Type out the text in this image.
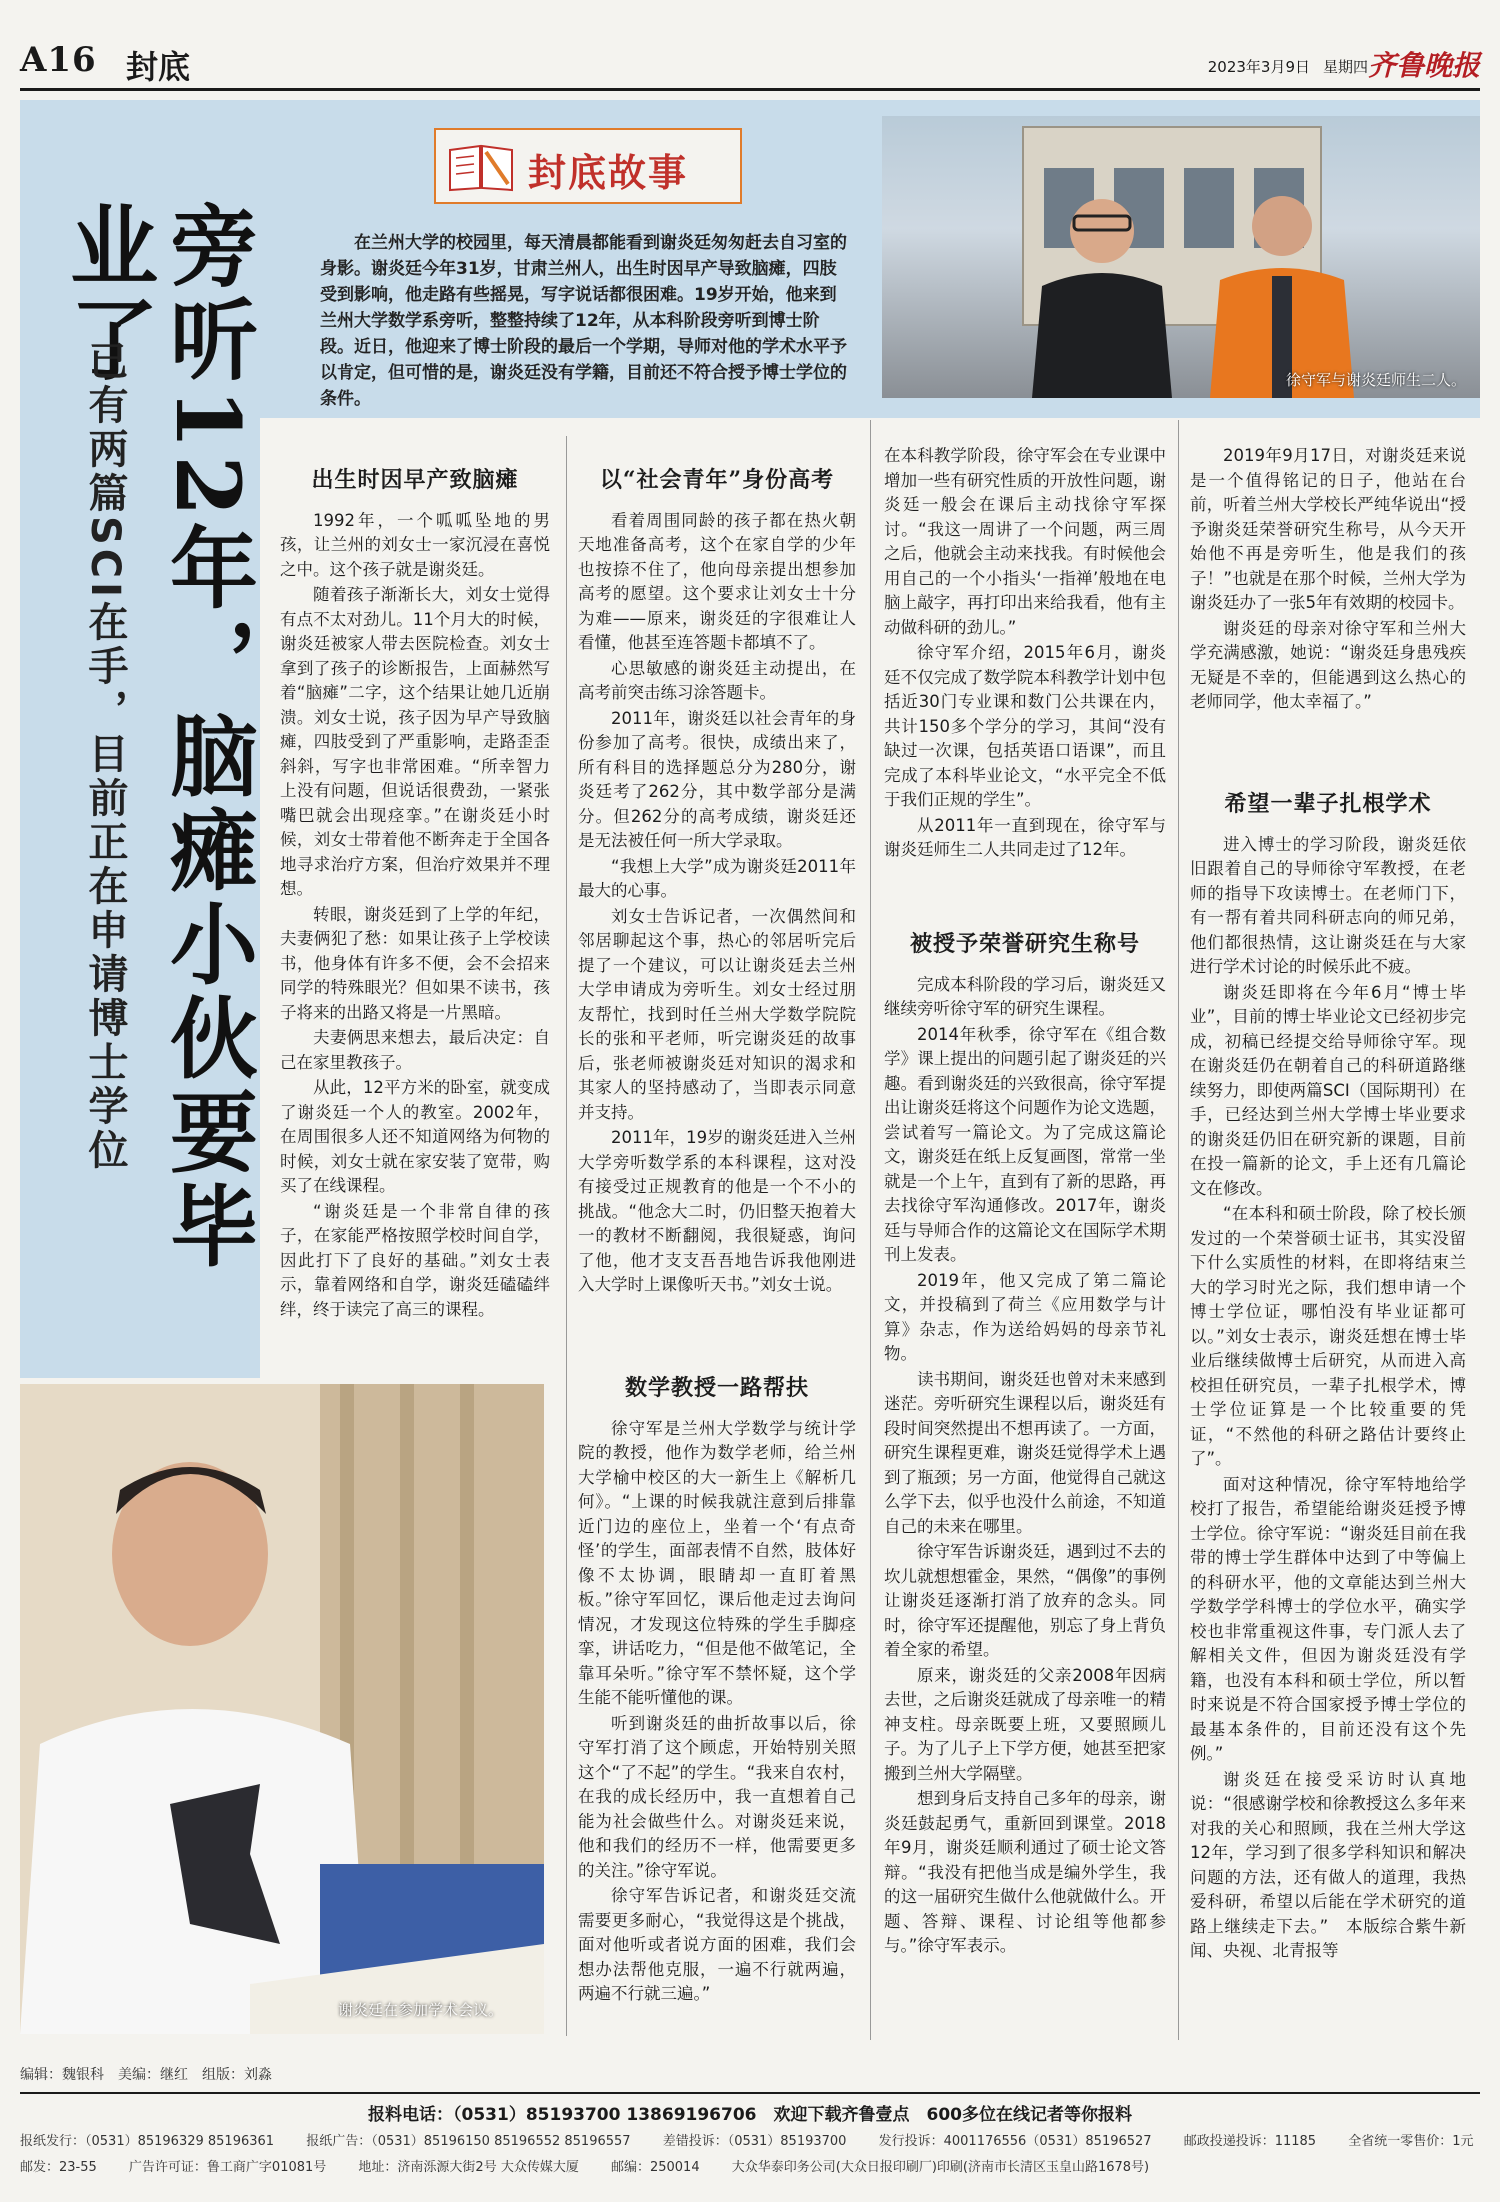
A16 封底	2023年3月9日 星期四 齐鲁晚报
封底故事

在兰州大学的校园里，每天清晨都能看到谢炎廷匆匆赶去自习室的身影。谢炎廷今年31岁，甘肃兰州人，出生时因早产导致脑瘫，四肢受到影响，他走路有些摇晃，写字说话都很困难。19岁开始，他来到兰州大学数学系旁听，整整持续了12年，从本科阶段旁听到博士阶段。近日，他迎来了博士阶段的最后一个学期，导师对他的学术水平予以肯定，但可惜的是，谢炎廷没有学籍，目前还不符合授予博士学位的条件。

徐守军与谢炎廷师生二人。
旁听12年，脑瘫小伙要毕业了
已有两篇SCI在手，目前正在申请博士学位	出生时因早产致脑瘫

1992年，一个呱呱坠地的男孩，让兰州的刘女士一家沉浸在喜悦之中。这个孩子就是谢炎廷。

随着孩子渐渐长大，刘女士觉得有点不太对劲儿。11个月大的时候，谢炎廷被家人带去医院检查。刘女士拿到了孩子的诊断报告，上面赫然写着“脑瘫”二字，这个结果让她几近崩溃。刘女士说，孩子因为早产导致脑瘫，四肢受到了严重影响，走路歪歪斜斜，写字也非常困难。“所幸智力上没有问题，但说话很费劲，一紧张嘴巴就会出现痉挛。”在谢炎廷小时候，刘女士带着他不断奔走于全国各地寻求治疗方案，但治疗效果并不理想。

转眼，谢炎廷到了上学的年纪，夫妻俩犯了愁：如果让孩子上学校读书，他身体有许多不便，会不会招来同学的特殊眼光？但如果不读书，孩子将来的出路又将是一片黑暗。

夫妻俩思来想去，最后决定：自己在家里教孩子。

从此，12平方米的卧室，就变成了谢炎廷一个人的教室。2002年，在周围很多人还不知道网络为何物的时候，刘女士就在家安装了宽带，购买了在线课程。

“谢炎廷是一个非常自律的孩子，在家能严格按照学校时间自学，因此打下了良好的基础。”刘女士表示，靠着网络和自学，谢炎廷磕磕绊绊，终于读完了高三的课程。

谢炎廷在参加学术会议。
以“社会青年”身份高考

看着周围同龄的孩子都在热火朝天地准备高考，这个在家自学的少年也按捺不住了，他向母亲提出想参加高考的愿望。这个要求让刘女士十分为难——原来，谢炎廷的字很难让人看懂，他甚至连答题卡都填不了。

心思敏感的谢炎廷主动提出，在高考前突击练习涂答题卡。

2011年，谢炎廷以社会青年的身份参加了高考。很快，成绩出来了，所有科目的选择题总分为280分，谢炎廷考了262分，其中数学部分是满分。但262分的高考成绩，谢炎廷还是无法被任何一所大学录取。

“我想上大学”成为谢炎廷2011年最大的心事。

刘女士告诉记者，一次偶然间和邻居聊起这个事，热心的邻居听完后提了一个建议，可以让谢炎廷去兰州大学申请成为旁听生。刘女士经过朋友帮忙，找到时任兰州大学数学院院长的张和平老师，听完谢炎廷的故事后，张老师被谢炎廷对知识的渴求和其家人的坚持感动了，当即表示同意并支持。

2011年，19岁的谢炎廷进入兰州大学旁听数学系的本科课程，这对没有接受过正规教育的他是一个不小的挑战。“他念大二时，仍旧整天抱着大一的教材不断翻阅，我很疑惑，询问了他，他才支支吾吾地告诉我他刚进入大学时上课像听天书。”刘女士说。

数学教授一路帮扶

徐守军是兰州大学数学与统计学院的教授，他作为数学老师，给兰州大学榆中校区的大一新生上《解析几何》。“上课的时候我就注意到后排靠近门边的座位上，坐着一个‘有点奇怪’的学生，面部表情不自然，肢体好像不太协调，眼睛却一直盯着黑板。”徐守军回忆，课后他走过去询问情况，才发现这位特殊的学生手脚痉挛，讲话吃力，“但是他不做笔记，全靠耳朵听。”徐守军不禁怀疑，这个学生能不能听懂他的课。

听到谢炎廷的曲折故事以后，徐守军打消了这个顾虑，开始特别关照这个“了不起”的学生。“我来自农村，在我的成长经历中，我一直想着自己能为社会做些什么。对谢炎廷来说，他和我们的经历不一样，他需要更多的关注。”徐守军说。

徐守军告诉记者，和谢炎廷交流需要更多耐心，“我觉得这是个挑战，面对他听或者说方面的困难，我们会想办法帮他克服，一遍不行就两遍，两遍不行就三遍。”

在本科教学阶段，徐守军会在专业课中增加一些有研究性质的开放性问题，谢炎廷一般会在课后主动找徐守军探讨。“我这一周讲了一个问题，两三周之后，他就会主动来找我。有时候他会用自己的一个小指头‘一指禅’般地在电脑上敲字，再打印出来给我看，他有主动做科研的劲儿。”

徐守军介绍，2015年6月，谢炎廷不仅完成了数学院本科教学计划中包括近30门专业课和数门公共课在内，共计150多个学分的学习，其间“没有缺过一次课，包括英语口语课”，而且完成了本科毕业论文，“水平完全不低于我们正规的学生”。

从2011年一直到现在，徐守军与谢炎廷师生二人共同走过了12年。

被授予荣誉研究生称号

完成本科阶段的学习后，谢炎廷又继续旁听徐守军的研究生课程。

2014年秋季，徐守军在《组合数学》课上提出的问题引起了谢炎廷的兴趣。看到谢炎廷的兴致很高，徐守军提出让谢炎廷将这个问题作为论文选题，尝试着写一篇论文。为了完成这篇论文，谢炎廷在纸上反复画图，常常一坐就是一个上午，直到有了新的思路，再去找徐守军沟通修改。2017年，谢炎廷与导师合作的这篇论文在国际学术期刊上发表。

2019年，他又完成了第二篇论文，并投稿到了荷兰《应用数学与计算》杂志，作为送给妈妈的母亲节礼物。

读书期间，谢炎廷也曾对未来感到迷茫。旁听研究生课程以后，谢炎廷有段时间突然提出不想再读了。一方面，研究生课程更难，谢炎廷觉得学术上遇到了瓶颈；另一方面，他觉得自己就这么学下去，似乎也没什么前途，不知道自己的未来在哪里。

徐守军告诉谢炎廷，遇到过不去的坎儿就想想霍金，果然，“偶像”的事例让谢炎廷逐渐打消了放弃的念头。同时，徐守军还提醒他，别忘了身上背负着全家的希望。

原来，谢炎廷的父亲2008年因病去世，之后谢炎廷就成了母亲唯一的精神支柱。母亲既要上班，又要照顾儿子。为了儿子上下学方便，她甚至把家搬到兰州大学隔壁。

想到身后支持自己多年的母亲，谢炎廷鼓起勇气，重新回到课堂。2018年9月，谢炎廷顺利通过了硕士论文答辩。“我没有把他当成是编外学生，我的这一届研究生做什么他就做什么。开题、答辩、课程、讨论组等他都参与。”徐守军表示。

2019年9月17日，对谢炎廷来说是一个值得铭记的日子，他站在台前，听着兰州大学校长严纯华说出“授予谢炎廷荣誉研究生称号，从今天开始他不再是旁听生，他是我们的孩子！”也就是在那个时候，兰州大学为谢炎廷办了一张5年有效期的校园卡。

谢炎廷的母亲对徐守军和兰州大学充满感激，她说：“谢炎廷身患残疾无疑是不幸的，但能遇到这么热心的老师同学，他太幸福了。”

希望一辈子扎根学术

进入博士的学习阶段，谢炎廷依旧跟着自己的导师徐守军教授，在老师的指导下攻读博士。在老师门下，有一帮有着共同科研志向的师兄弟，他们都很热情，这让谢炎廷在与大家进行学术讨论的时候乐此不疲。

谢炎廷即将在今年6月“博士毕业”，目前的博士毕业论文已经初步完成，初稿已经提交给导师徐守军。现在谢炎廷仍在朝着自己的科研道路继续努力，即使两篇SCI（国际期刊）在手，已经达到兰州大学博士毕业要求的谢炎廷仍旧在研究新的课题，目前在投一篇新的论文，手上还有几篇论文在修改。

“在本科和硕士阶段，除了校长颁发过的一个荣誉硕士证书，其实没留下什么实质性的材料，在即将结束兰大的学习时光之际，我们想申请一个博士学位证，哪怕没有毕业证都可以。”刘女士表示，谢炎廷想在博士毕业后继续做博士后研究，从而进入高校担任研究员，一辈子扎根学术，博士学位证算是一个比较重要的凭证，“不然他的科研之路估计要终止了”。

面对这种情况，徐守军特地给学校打了报告，希望能给谢炎廷授予博士学位。徐守军说：“谢炎廷目前在我带的博士学生群体中达到了中等偏上的科研水平，他的文章能达到兰州大学数学学科博士的学位水平，确实学校也非常重视这件事，专门派人去了解相关文件，但因为谢炎廷没有学籍，也没有本科和硕士学位，所以暂时来说是不符合国家授予博士学位的最基本条件的，目前还没有这个先例。”

谢炎廷在接受采访时认真地说：“很感谢学校和徐教授这么多年来对我的关心和照顾，我在兰州大学这12年，学习到了很多学科知识和解决问题的方法，还有做人的道理，我热爱科研，希望以后能在学术研究的道路上继续走下去。”　本版综合紫牛新闻、央视、北青报等

编辑：魏银科　美编：继红　组版：刘淼
报料电话：（0531）85193700 13869196706　欢迎下载齐鲁壹点　600多位在线记者等你报料
报纸发行：（0531）85196329 85196361 报纸广告：（0531）85196150 85196552 85196557 差错投诉：（0531）85193700 发行投诉：4001176556（0531）85196527 邮政投递投诉：11185 全省统一零售价：1元
邮发：23-55 广告许可证：鲁工商广字01081号 地址：济南泺源大街2号 大众传媒大厦 邮编：250014 大众华泰印务公司(大众日报印刷厂)印刷(济南市长清区玉皇山路1678号)
